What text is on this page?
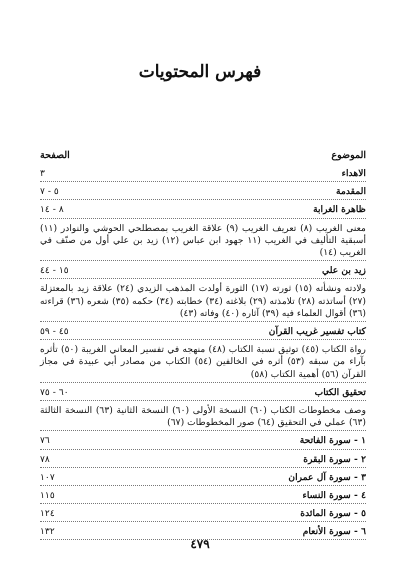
فهرس المحتويات
الموضوع
الصفحة
الاهداء
٣
المقدمة
٥ - ٧
ظاهرة الغرابة
٨ - ١٤
معنى الغريب (٨) تعريف الغريب (٩) علاقة الغريب بمصطلحي الحوشي والنوادر (١١) أسبقية التأليف في الغريب (١١ جهود ابن عباس (١٢) زيد بن علي أول من صنّف في الغريب (١٤)
زيد بن علي
١٥ - ٤٤
ولادته ونشأته (١٥) ثورته (١٧) الثورة أولدت المذهب الزيدي (٢٤) علاقة زيد بالمعتزلة (٢٧) أساتذته (٢٨) تلامذته (٢٩) بلاغته (٣٤) خطابته (٣٤) حكمه (٣٥) شعره (٣٦) قراءته (٣٦) أقوال العلماء فيه (٣٩) آثاره (٤٠) وفاته (٤٣)
كتاب تفسير غريب القرآن
٤٥ - ٥٩
رواة الكتاب (٤٥) توثيق نسبة الكتاب (٤٨) منهجه في تفسير المعاني الغريبة (٥٠) تأثره بآراء من سبقه (٥٣) أثره في الخالفين (٥٤) الكتاب من مصادر أبي عبيدة في مجاز القرآن (٥٦) أهمية الكتاب (٥٨)
تحقيق الكتاب
٦٠ - ٧٥
وصف مخطوطات الكتاب (٦٠) النسخة الأولى (٦٠) النسخة الثانية (٦٣) النسخة الثالثة (٦٣) عملي في التحقيق (٦٤) صور المخطوطات (٦٧)
١ - سورة الفاتحة
٧٦
٢ - سورة البقرة
٧٨
٣ - سورة آل عمران
١٠٧
٤ - سورة النساء
١١٥
٥ - سورة المائدة
١٢٤
٦ - سورة الأنعام
١٣٢
٤٧٩
